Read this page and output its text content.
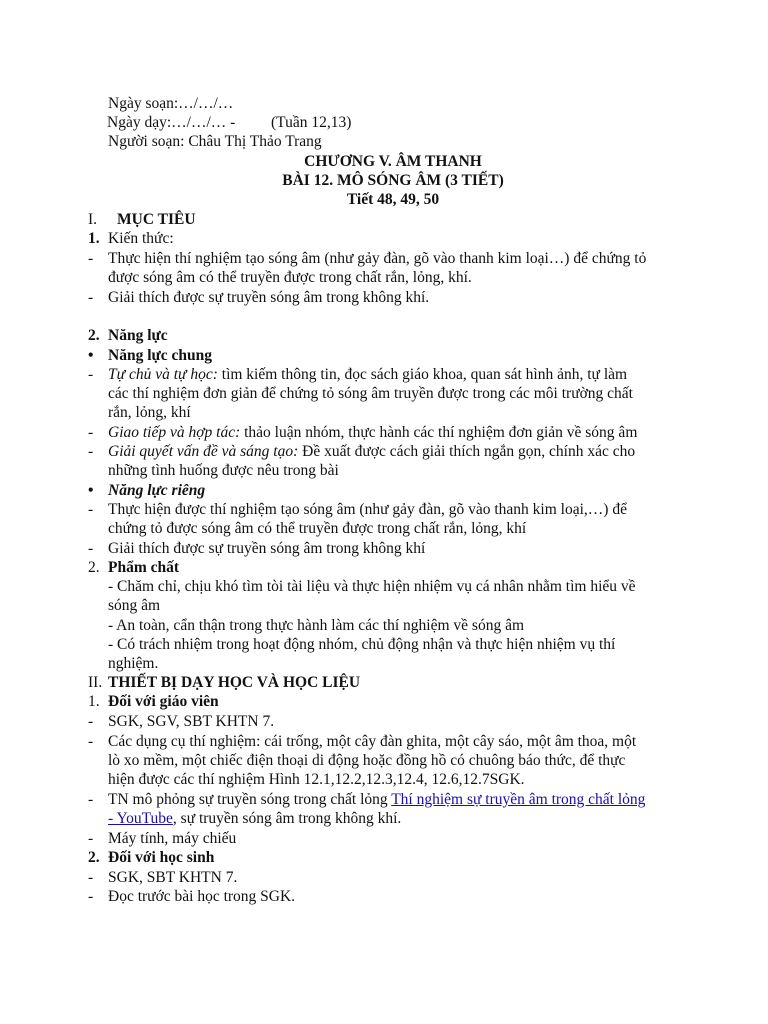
Ngày soạn:…/…/…
Ngày dạy:…/…/… - (Tuần 12,13)
Người soạn: Châu Thị Thảo Trang
CHƯƠNG V. ÂM THANH
BÀI 12. MÔ SÓNG ÂM (3 TIẾT)
Tiết 48, 49, 50
I. MỤC TIÊU
1. Kiến thức:
- Thực hiện thí nghiệm tạo sóng âm (như gảy đàn, gõ vào thanh kim loại…) để chứng tỏ
được sóng âm có thể truyền được trong chất rắn, lỏng, khí.
- Giải thích được sự truyền sóng âm trong không khí.
2. Năng lực
• Năng lực chung
- Tự chủ và tự học: tìm kiếm thông tin, đọc sách giáo khoa, quan sát hình ảnh, tự làm
các thí nghiệm đơn giản để chứng tỏ sóng âm truyền được trong các môi trường chất
rắn, lỏng, khí
- Giao tiếp và hợp tác: thảo luận nhóm, thực hành các thí nghiệm đơn giản về sóng âm
- Giải quyết vấn đề và sáng tạo: Đề xuất được cách giải thích ngắn gọn, chính xác cho
những tình huống được nêu trong bài
• Năng lực riêng
- Thực hiện được thí nghiệm tạo sóng âm (như gảy đàn, gõ vào thanh kim loại,…) để
chứng tỏ được sóng âm có thể truyền được trong chất rắn, lỏng, khí
- Giải thích được sự truyền sóng âm trong không khí
2. Phẩm chất
- Chăm chỉ, chịu khó tìm tòi tài liệu và thực hiện nhiệm vụ cá nhân nhằm tìm hiểu về
sóng âm
- An toàn, cẩn thận trong thực hành làm các thí nghiệm về sóng âm
- Có trách nhiệm trong hoạt động nhóm, chủ động nhận và thực hiện nhiệm vụ thí
nghiệm.
II. THIẾT BỊ DẠY HỌC VÀ HỌC LIỆU
1. Đối với giáo viên
- SGK, SGV, SBT KHTN 7.
- Các dụng cụ thí nghiệm: cái trống, một cây đàn ghita, một cây sáo, một âm thoa, một
lò xo mềm, một chiếc điện thoại di động hoặc đồng hồ có chuông báo thức, để thực
hiện được các thí nghiệm Hình 12.1,12.2,12.3,12.4, 12.6,12.7SGK.
- TN mô phỏng sự truyền sóng trong chất lỏng Thí nghiệm sự truyền âm trong chất lỏng
- YouTube, sự truyền sóng âm trong không khí.
- Máy tính, máy chiếu
2. Đối với học sinh
- SGK, SBT KHTN 7.
- Đọc trước bài học trong SGK.
